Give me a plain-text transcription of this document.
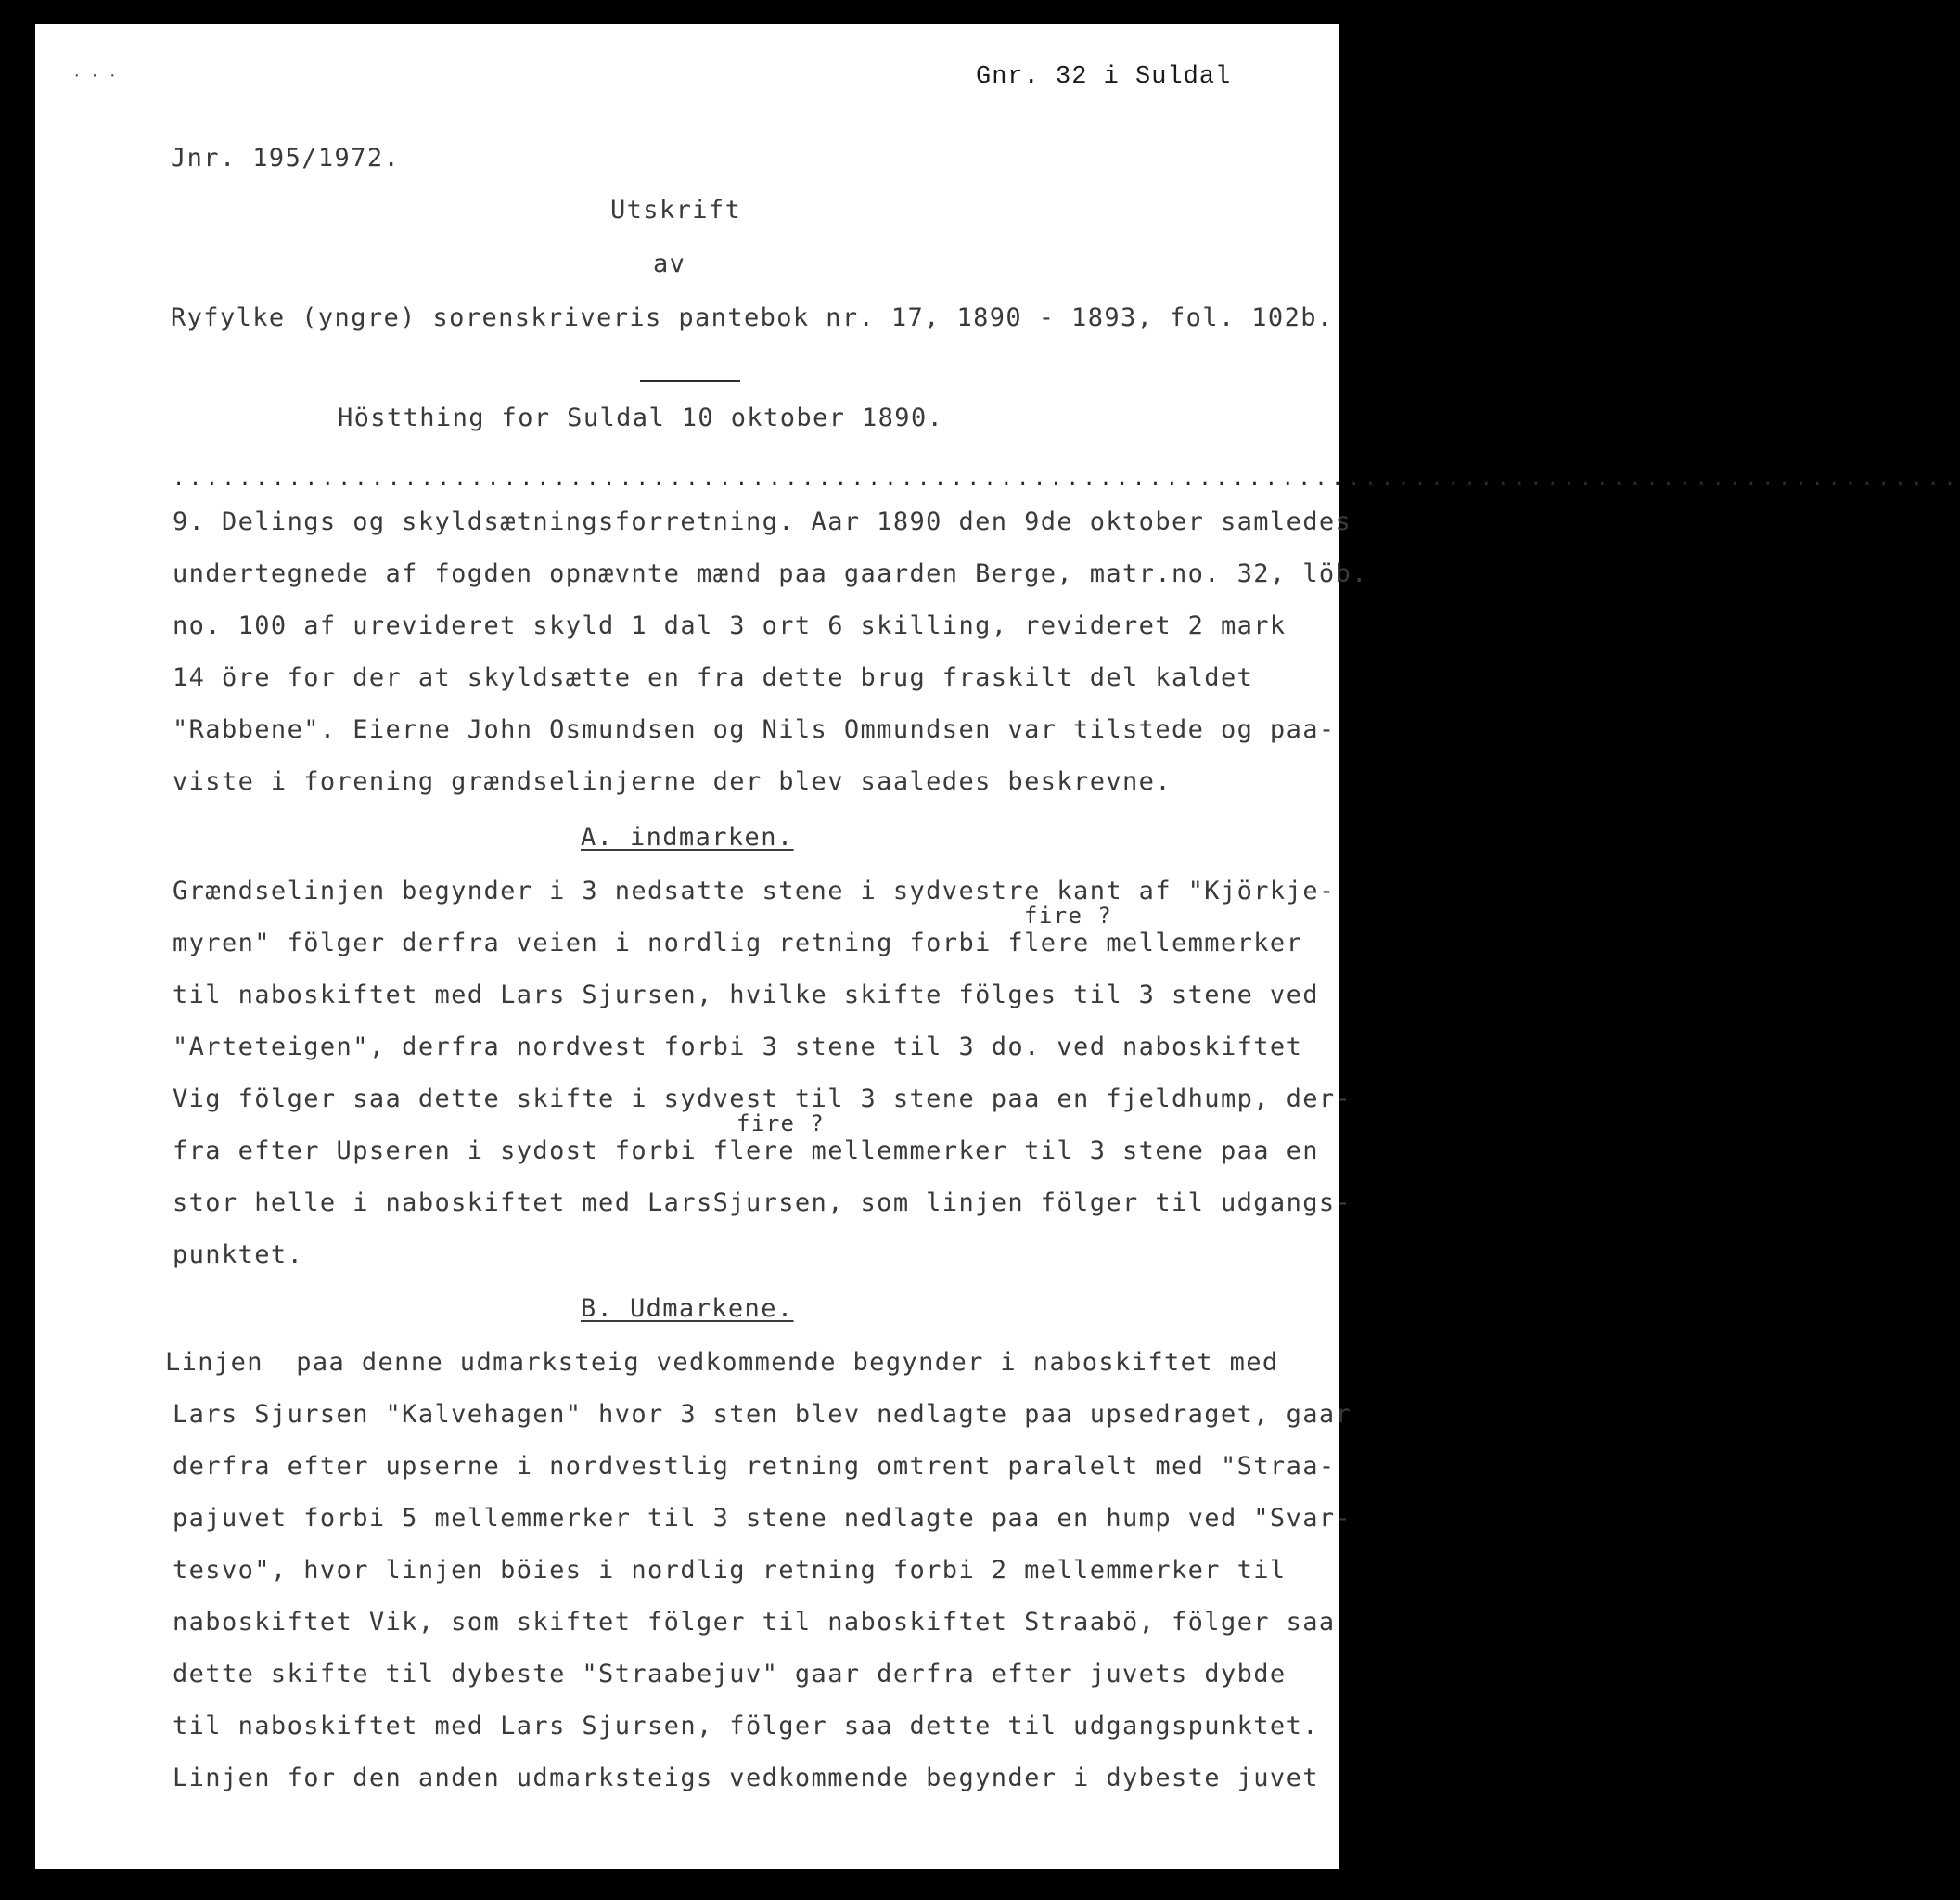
· · ·	Gnr. 32 i Suldal
Jnr. 195/1972.
Utskrift
av
Ryfylke (yngre) sorenskriveris pantebok nr. 17, 1890 - 1893, fol. 102b.
Höstthing for Suldal 10 oktober 1890.
............................................................................................................
9. Delings og skyldsætningsforretning. Aar 1890 den 9de oktober samledes
undertegnede af fogden opnævnte mænd paa gaarden Berge, matr.no. 32, löb.
no. 100 af urevideret skyld 1 dal 3 ort 6 skilling, revideret 2 mark
14 öre for der at skyldsætte en fra dette brug fraskilt del kaldet
"Rabbene". Eierne John Osmundsen og Nils Ommundsen var tilstede og paa-
viste i forening grændselinjerne der blev saaledes beskrevne.
A. indmarken.
Grændselinjen begynder i 3 nedsatte stene i sydvestre kant af "Kjörkje-
fire ?
myren" fölger derfra veien i nordlig retning forbi flere mellemmerker
til naboskiftet med Lars Sjursen, hvilke skifte fölges til 3 stene ved
"Arteteigen", derfra nordvest forbi 3 stene til 3 do. ved naboskiftet
Vig fölger saa dette skifte i sydvest til 3 stene paa en fjeldhump, der-
fire ?
fra efter Upseren i sydost forbi flere mellemmerker til 3 stene paa en
stor helle i naboskiftet med LarsSjursen, som linjen fölger til udgangs-
punktet.
B. Udmarkene.
Linjen  paa denne udmarksteig vedkommende begynder i naboskiftet med
Lars Sjursen "Kalvehagen" hvor 3 sten blev nedlagte paa upsedraget, gaar
derfra efter upserne i nordvestlig retning omtrent paralelt med "Straa-
pajuvet forbi 5 mellemmerker til 3 stene nedlagte paa en hump ved "Svar-
tesvo", hvor linjen böies i nordlig retning forbi 2 mellemmerker til
naboskiftet Vik, som skiftet fölger til naboskiftet Straabö, fölger saa
dette skifte til dybeste "Straabejuv" gaar derfra efter juvets dybde
til naboskiftet med Lars Sjursen, fölger saa dette til udgangspunktet.
Linjen for den anden udmarksteigs vedkommende begynder i dybeste juvet
